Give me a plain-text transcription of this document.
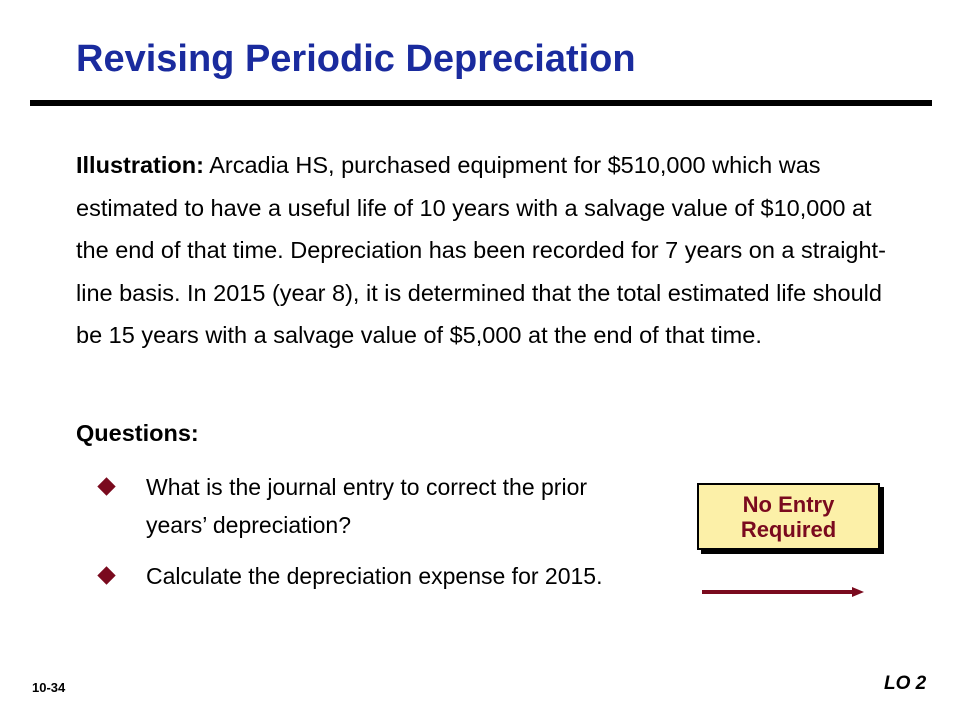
Revising Periodic Depreciation

Illustration: Arcadia HS, purchased equipment for $510,000 which was estimated to have a useful life of 10 years with a salvage value of $10,000 at the end of that time. Depreciation has been recorded for 7 years on a straight-line basis. In 2015 (year 8), it is determined that the total estimated life should be 15 years with a salvage value of $5,000 at the end of that time.

Questions:

What is the journal entry to correct the prior years’ depreciation?
Calculate the depreciation expense for 2015.
No Entry
Required
10-34	LO 2
